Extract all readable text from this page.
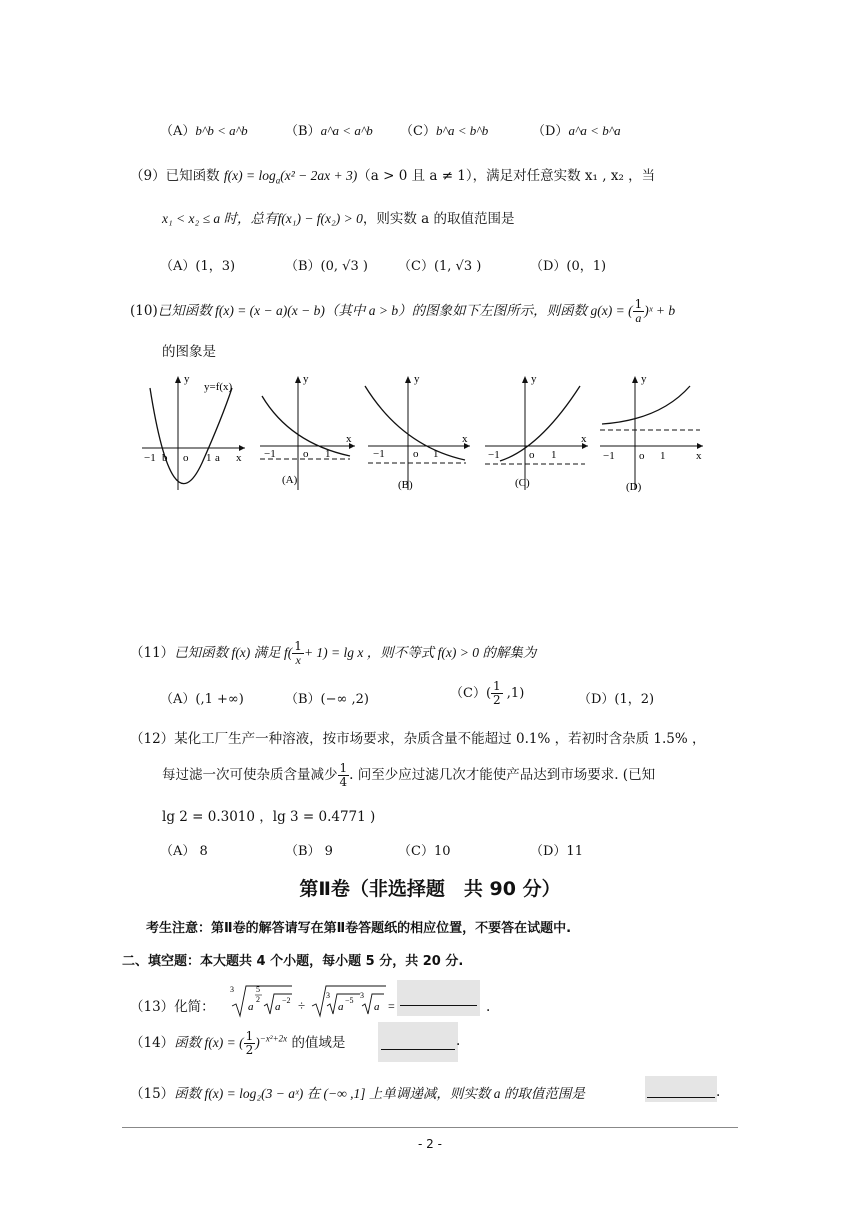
（A）b^b < a^b	（B）a^a < a^b （C）b^a < b^b	（D）a^a < b^a
（9）已知函数 $f(x) = \log_a(x^2 - 2ax + 3)(a > 0$ 且 a ≠ 1），满足对任意实数 x₁ , x₂ ，当
x₁ < x₂ ≤ a 时，总有f(x₁) − f(x₂) > 0，则实数 a 的取值范围是
（A）(1，3)	（B）(0, √3 ) （C）(1, √3 )	（D）(0，1)
(10)已知函数 f(x) = (x − a)(x − b)（其中 a > b）的图象如下左图所示，则函数 g(x) = ( $\frac{1}{a}$ )ˣ + b
的图象是
y
y=f(x)
−1 b o 1 a x
y
−1 o 1
x
(A)
y
−1	o 1
x
(B)
y
−1	o 1
x
(C)
y
−1 o 1	x
(D)
（11）已知函数 f(x) 满足 $f( \frac{1}{x} + 1) = \lg x$ ，则不等式 f(x) > 0 的解集为
（A）(,1 +∞)	（B）(−∞ ,2)	$(C)( \frac{1}{2} ,1)$	（D）(1，2)
（12）某化工厂生产一种溶液，按市场要求，杂质含量不能超过 0.1% ，若初时含杂质 1.5% ，
每过滤一次可使杂质含量减少 $\frac{1}{4}$ . 问至少应过滤几次才能使产品达到市场要求. (已知
lg 2 = 0.3010 ，lg 3 = 0.4771 )
（A） 8	（B） 9	（C）10	（D）11
第Ⅱ卷（非选择题　共 90 分）
考生注意：第Ⅱ卷的解答请写在第Ⅱ卷答题纸的相应位置，不要答在试题中.
二、填空题：本大题共 4 个小题，每小题 5 分，共 20 分.
（13）化简：
3
a
5
2
a
−2 ÷
3
a
−5
3
a =	.
（14）函数 f(x) = ( $\frac{1}{2} )^{-x^2+2x}$ 的值域是	.
（15）函数 f(x) = log₂(3 − aˣ) 在 (−∞ ,1] 上单调递减，则实数 a 的取值范围是	.
- 2 -
